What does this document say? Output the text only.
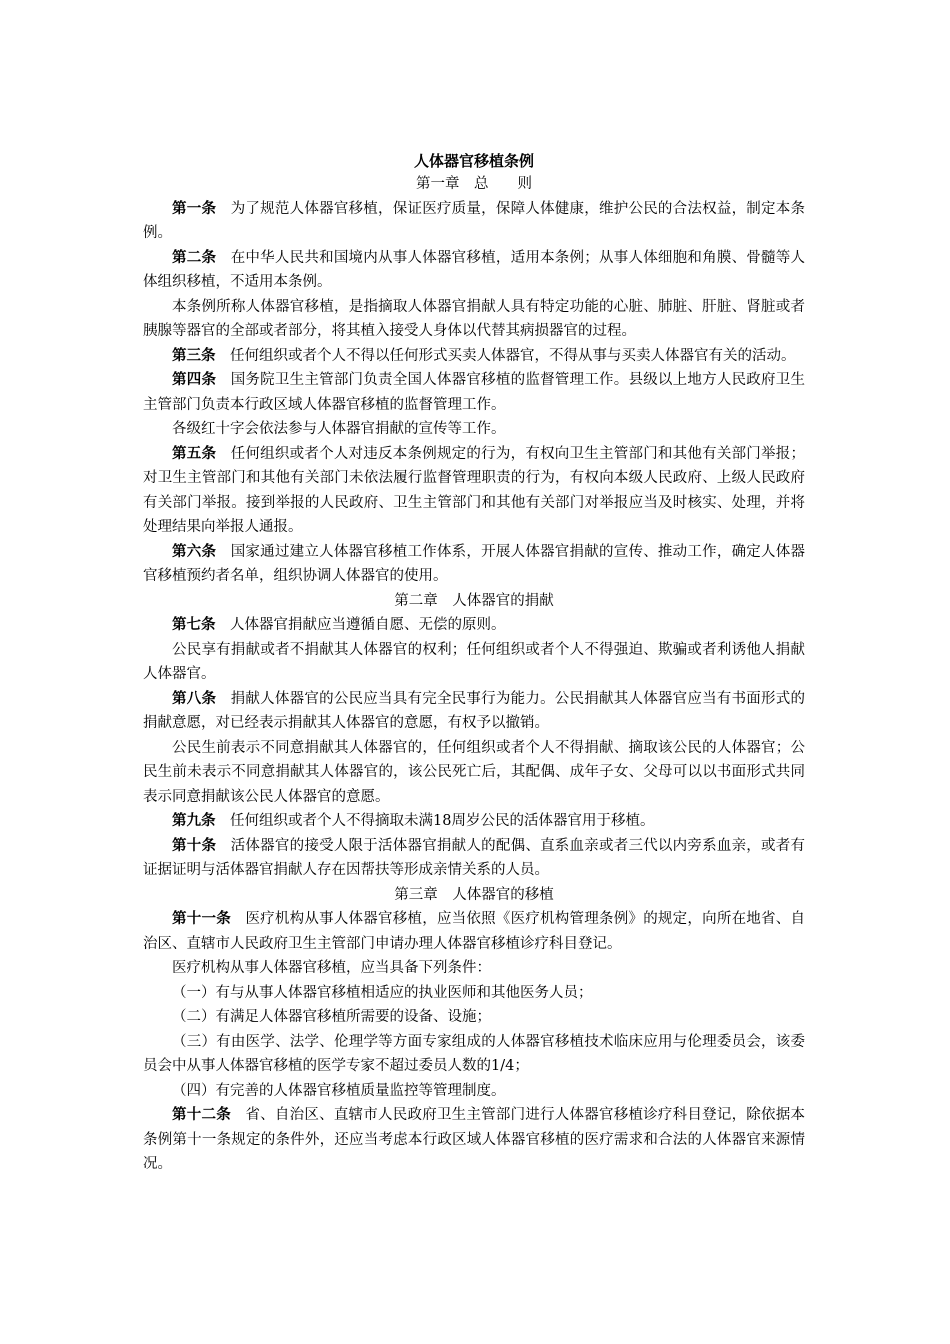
人体器官移植条例

第一章　总　　则

第一条 为了规范人体器官移植，保证医疗质量，保障人体健康，维护公民的合法权益，制定本条例。

第二条 在中华人民共和国境内从事人体器官移植，适用本条例；从事人体细胞和角膜、骨髓等人体组织移植，不适用本条例。

本条例所称人体器官移植，是指摘取人体器官捐献人具有特定功能的心脏、肺脏、肝脏、肾脏或者胰腺等器官的全部或者部分，将其植入接受人身体以代替其病损器官的过程。

第三条 任何组织或者个人不得以任何形式买卖人体器官，不得从事与买卖人体器官有关的活动。

第四条 国务院卫生主管部门负责全国人体器官移植的监督管理工作。县级以上地方人民政府卫生主管部门负责本行政区域人体器官移植的监督管理工作。

各级红十字会依法参与人体器官捐献的宣传等工作。

第五条 任何组织或者个人对违反本条例规定的行为，有权向卫生主管部门和其他有关部门举报；对卫生主管部门和其他有关部门未依法履行监督管理职责的行为，有权向本级人民政府、上级人民政府有关部门举报。接到举报的人民政府、卫生主管部门和其他有关部门对举报应当及时核实、处理，并将处理结果向举报人通报。

第六条 国家通过建立人体器官移植工作体系，开展人体器官捐献的宣传、推动工作，确定人体器官移植预约者名单，组织协调人体器官的使用。

第二章　人体器官的捐献

第七条 人体器官捐献应当遵循自愿、无偿的原则。

公民享有捐献或者不捐献其人体器官的权利；任何组织或者个人不得强迫、欺骗或者利诱他人捐献人体器官。

第八条 捐献人体器官的公民应当具有完全民事行为能力。公民捐献其人体器官应当有书面形式的捐献意愿，对已经表示捐献其人体器官的意愿，有权予以撤销。

公民生前表示不同意捐献其人体器官的，任何组织或者个人不得捐献、摘取该公民的人体器官；公民生前未表示不同意捐献其人体器官的，该公民死亡后，其配偶、成年子女、父母可以以书面形式共同表示同意捐献该公民人体器官的意愿。

第九条 任何组织或者个人不得摘取未满18周岁公民的活体器官用于移植。

第十条 活体器官的接受人限于活体器官捐献人的配偶、直系血亲或者三代以内旁系血亲，或者有证据证明与活体器官捐献人存在因帮扶等形成亲情关系的人员。

第三章　人体器官的移植

第十一条 医疗机构从事人体器官移植，应当依照《医疗机构管理条例》的规定，向所在地省、自治区、直辖市人民政府卫生主管部门申请办理人体器官移植诊疗科目登记。

医疗机构从事人体器官移植，应当具备下列条件：

（一）有与从事人体器官移植相适应的执业医师和其他医务人员；

（二）有满足人体器官移植所需要的设备、设施；

（三）有由医学、法学、伦理学等方面专家组成的人体器官移植技术临床应用与伦理委员会，该委员会中从事人体器官移植的医学专家不超过委员人数的1/4；

（四）有完善的人体器官移植质量监控等管理制度。

第十二条 省、自治区、直辖市人民政府卫生主管部门进行人体器官移植诊疗科目登记，除依据本条例第十一条规定的条件外，还应当考虑本行政区域人体器官移植的医疗需求和合法的人体器官来源情况。
